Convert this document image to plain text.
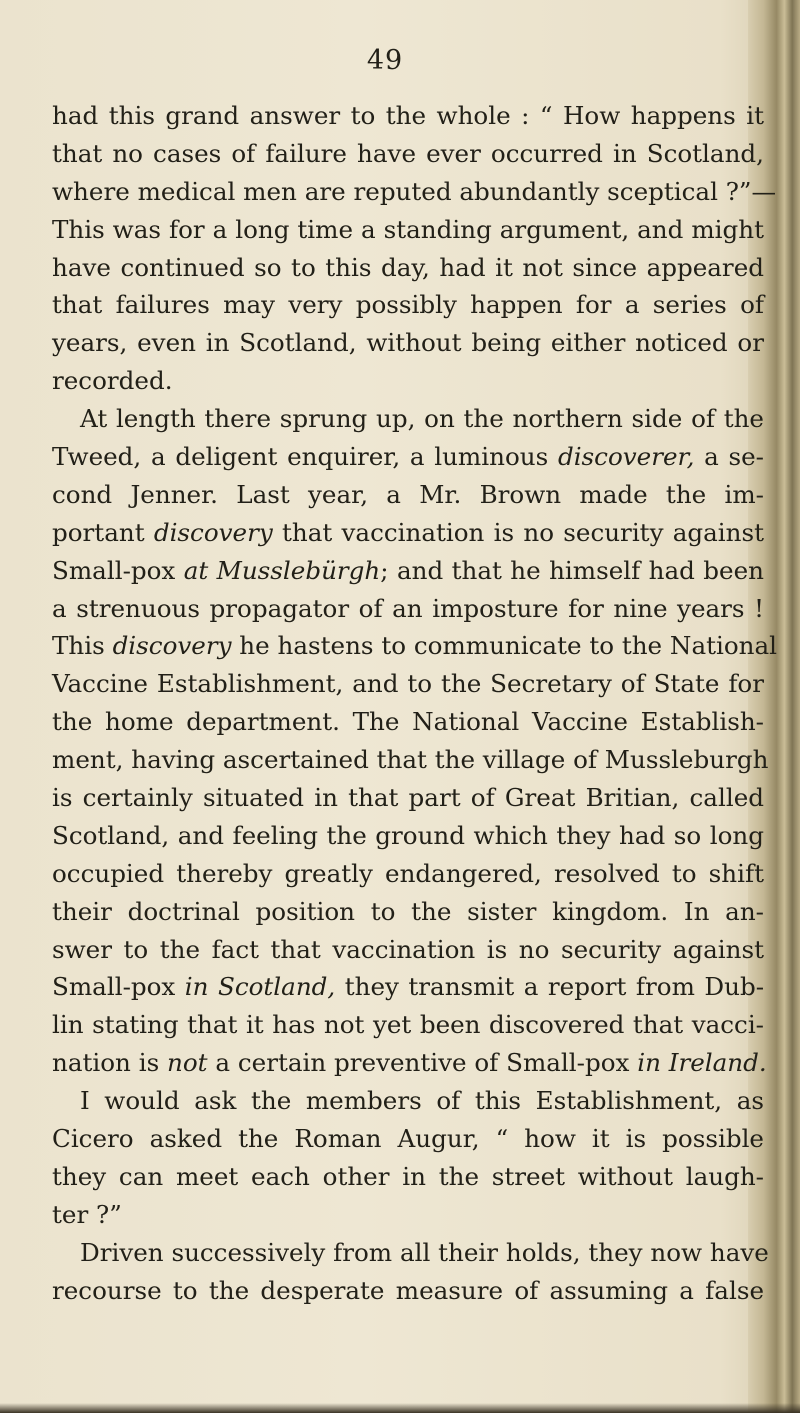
49
had this grand answer to the whole : “ How happens it
that no cases of failure have ever occurred in Scotland,
where medical men are reputed abundantly sceptical ?”—
This was for a long time a standing argument, and might
have continued so to this day, had it not since appeared
that failures may very possibly happen for a series of
years, even in Scotland, without being either noticed or
recorded.
At length there sprung up, on the northern side of the
Tweed, a deligent enquirer, a luminous discoverer, a se-
cond Jenner. Last year, a Mr. Brown made the im-
portant discovery that vaccination is no security against
Small-pox at Musslebürgh; and that he himself had been
a strenuous propagator of an imposture for nine years !
This discovery he hastens to communicate to the National
Vaccine Establishment, and to the Secretary of State for
the home department. The National Vaccine Establish-
ment, having ascertained that the village of Mussleburgh
is certainly situated in that part of Great Britian, called
Scotland, and feeling the ground which they had so long
occupied thereby greatly endangered, resolved to shift
their doctrinal position to the sister kingdom. In an-
swer to the fact that vaccination is no security against
Small-pox in Scotland, they transmit a report from Dub-
lin stating that it has not yet been discovered that vacci-
nation is not a certain preventive of Small-pox in Ireland.
I would ask the members of this Establishment, as
Cicero asked the Roman Augur, “ how it is possible
they can meet each other in the street without laugh-
ter ?”
Driven successively from all their holds, they now have
recourse to the desperate measure of assuming a false
